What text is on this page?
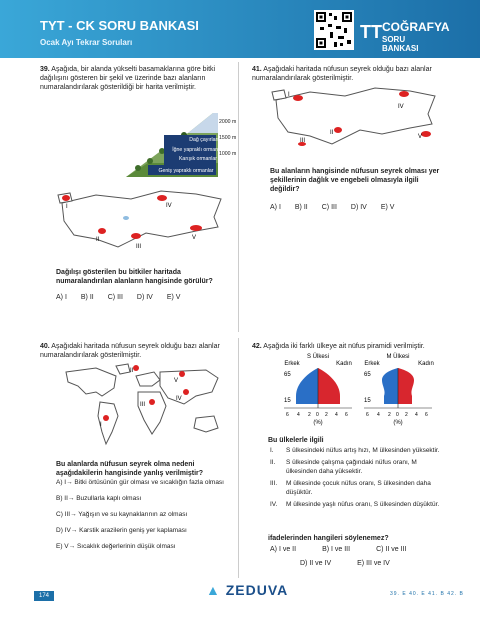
TYT - CK SORU BANKASI
Ocak Ayı Tekrar Soruları
TT COĞRAFYA
SORU BANKASI
39. Aşağıda, bir alanda yükselti basamaklarına göre bitki dağılışını gösteren bir şekil ve üzerinde bazı alanların numaralandırılarak gösterildiği bir harita verilmiştir.
Dağ çayırları
İğne yapraklı ormanlar
Karışık ormanlar
Geniş yapraklı ormanlar
2000 m
1500 m
1000 m
I
II
III
IV
V
Dağılışı gösterilen bu bitkiler haritada numaralandırılan alanların hangisinde görülür?
A) I B) II C) III D) IV E) V
41. Aşağıdaki haritada nüfusun seyrek olduğu bazı alanlar numaralandırılarak gösterilmiştir.
I
II
III
IV
V
Bu alanların hangisinde nüfusun seyrek olması yer şekillerinin dağlık ve engebeli olmasıyla ilgili değildir?
A) I B) II C) III D) IV E) V
40. Aşağıdaki haritada nüfusun seyrek olduğu bazı alanlar numaralandırılarak gösterilmiştir.
I
II
III
IV
V
Bu alanlarda nüfusun seyrek olma nedeni aşağıdakilerin hangisinde yanlış verilmiştir?
A) I→ Bitki örtüsünün gür olması ve sıcaklığın fazla olması
B) II→ Buzullarla kaplı olması
C) III→ Yağışın ve su kaynaklarının az olması
D) IV→ Karstik arazilerin geniş yer kaplaması
E) V→ Sıcaklık değerlerinin düşük olması
42. Aşağıda iki farklı ülkeye ait nüfus piramidi verilmiştir.
S Ülkesi
Erkek	Kadın
65
15
6 4 2 0 2 4 6
(%)
M Ülkesi
Erkek	Kadın
65
15
6 4 2 0 2 4 6
(%)
Bu ülkelerle ilgili
I.	S ülkesindeki nüfus artış hızı, M ülkesinden yüksektir.
II.	S ülkesinde çalışma çağındaki nüfus oranı, M ülkesinden daha yüksektir.
III.	M ülkesinde çocuk nüfus oranı, S ülkesinden daha düşüktür.
IV.	M ülkesinde yaşlı nüfus oranı, S ülkesinden düşüktür.
ifadelerinden hangileri söylenemez?
A) I ve II	B) I ve III	C) II ve III
D) II ve IV	E) III ve IV
174	▲ ZEDUVA	39. E 40. E 41. B 42. B
